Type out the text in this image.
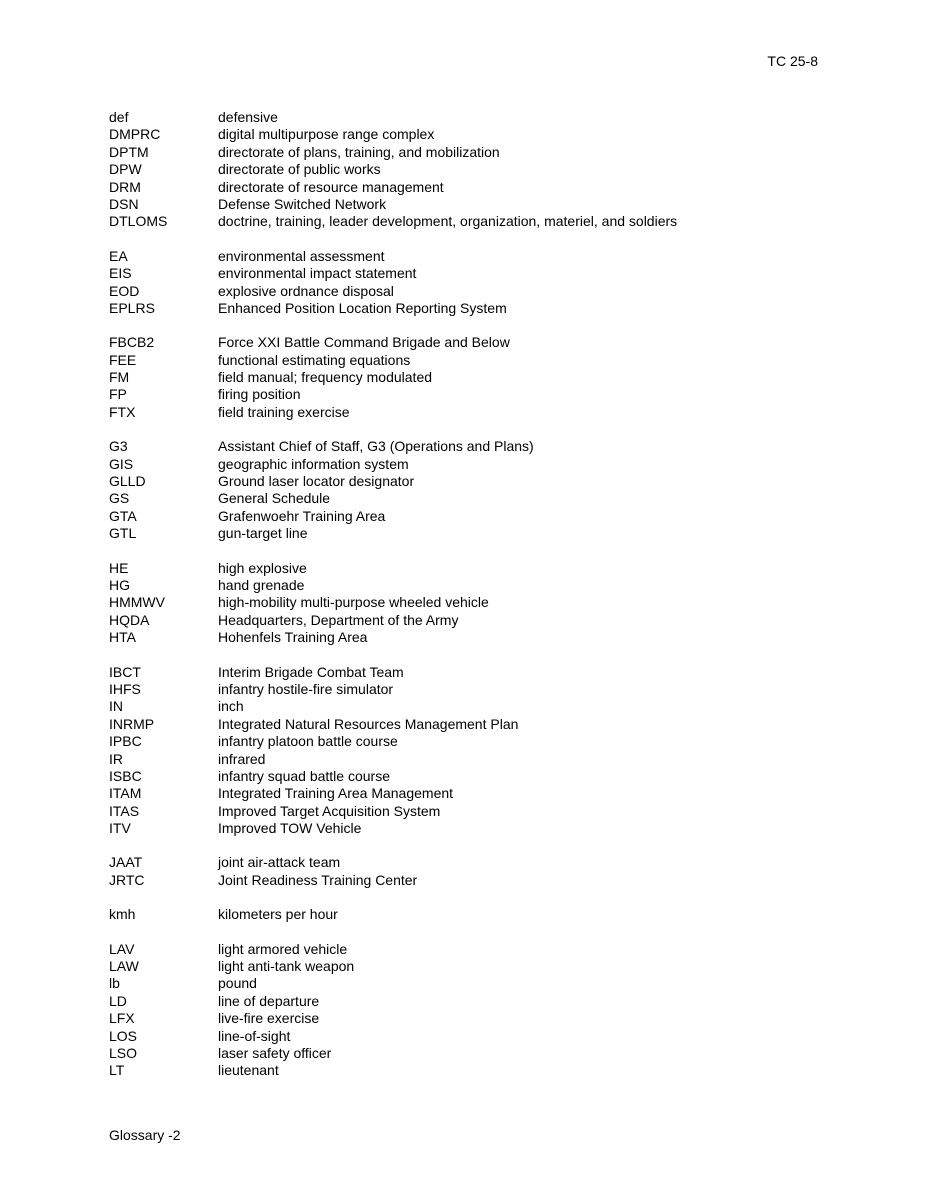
TC 25-8
def	defensive
DMPRC	digital multipurpose range complex
DPTM	directorate of plans, training, and mobilization
DPW	directorate of public works
DRM	directorate of resource management
DSN	Defense Switched Network
DTLOMS	doctrine, training, leader development, organization, materiel, and soldiers
EA	environmental assessment
EIS	environmental impact statement
EOD	explosive ordnance disposal
EPLRS	Enhanced Position Location Reporting System
FBCB2	Force XXI Battle Command Brigade and Below
FEE	functional estimating equations
FM	field manual; frequency modulated
FP	firing position
FTX	field training exercise
G3	Assistant Chief of Staff, G3 (Operations and Plans)
GIS	geographic information system
GLLD	Ground laser locator designator
GS	General Schedule
GTA	Grafenwoehr Training Area
GTL	gun-target line
HE	high explosive
HG	hand grenade
HMMWV	high-mobility multi-purpose wheeled vehicle
HQDA	Headquarters, Department of the Army
HTA	Hohenfels Training Area
IBCT	Interim Brigade Combat Team
IHFS	infantry hostile-fire simulator
IN	inch
INRMP	Integrated Natural Resources Management Plan
IPBC	infantry platoon battle course
IR	infrared
ISBC	infantry squad battle course
ITAM	Integrated Training Area Management
ITAS	Improved Target Acquisition System
ITV	Improved TOW Vehicle
JAAT	joint air-attack team
JRTC	Joint Readiness Training Center
kmh	kilometers per hour
LAV	light armored vehicle
LAW	light anti-tank weapon
lb	pound
LD	line of departure
LFX	live-fire exercise
LOS	line-of-sight
LSO	laser safety officer
LT	lieutenant
Glossary -2
